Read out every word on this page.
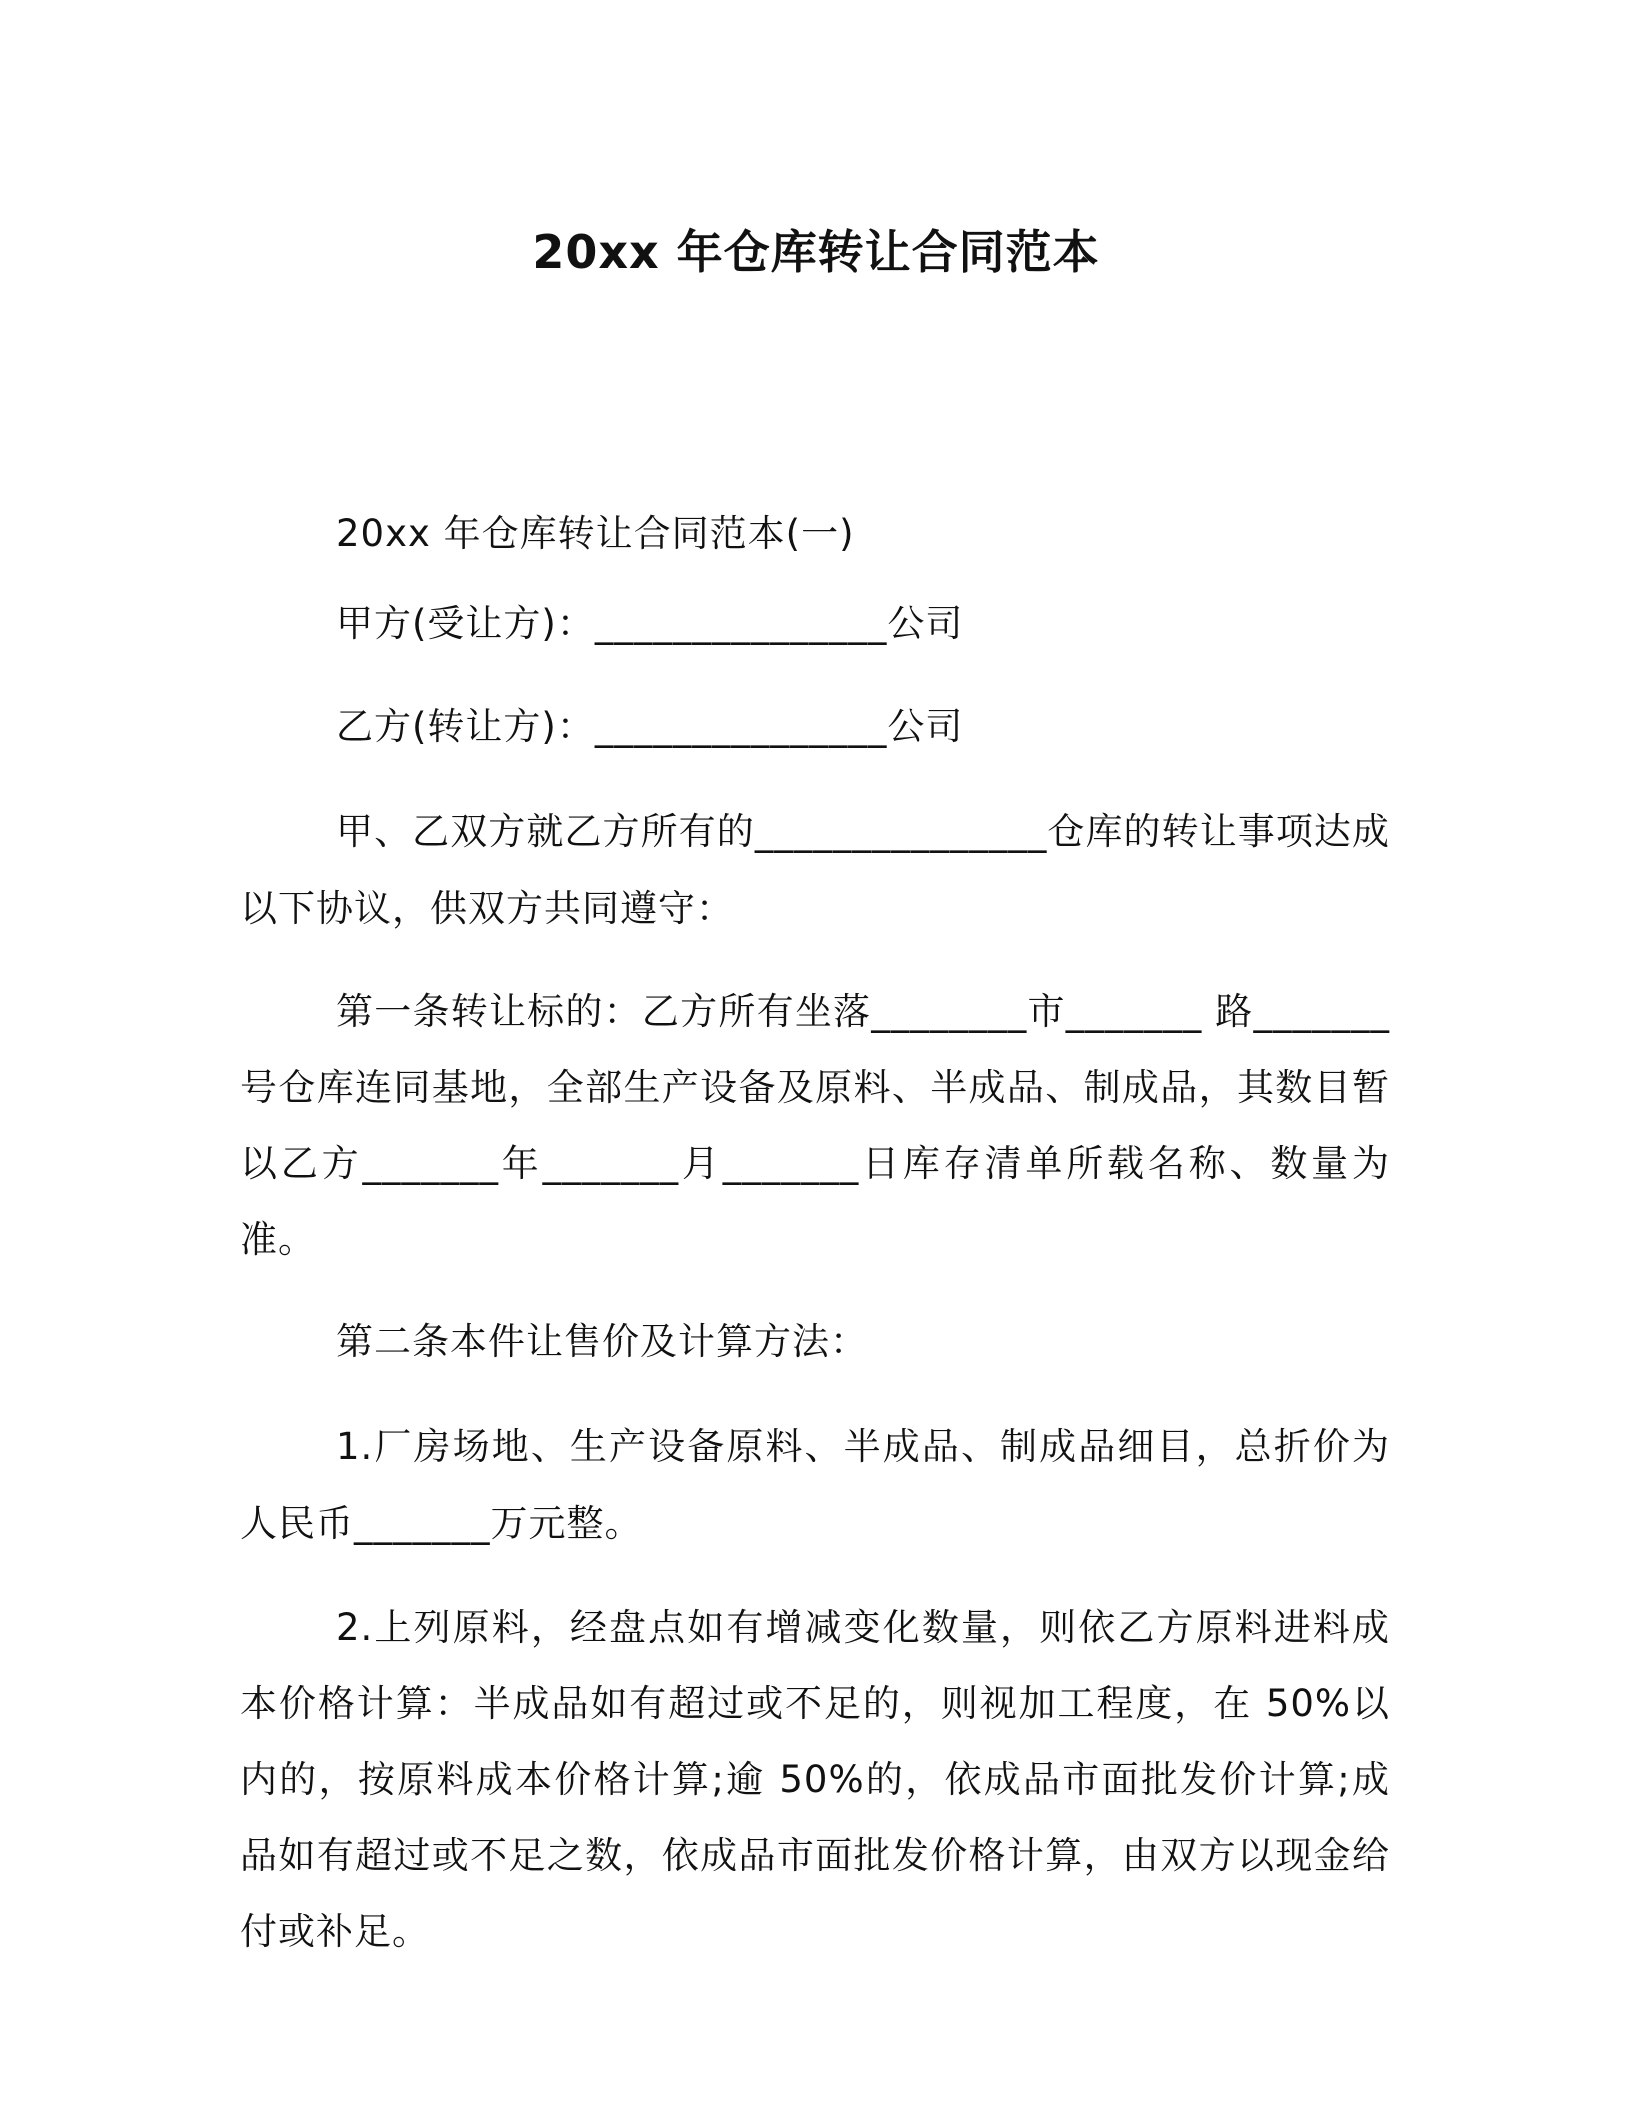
20xx 年仓库转让合同范本

20xx 年仓库转让合同范本(一)

甲方(受让方)：_______________公司

乙方(转让方)：_______________公司

甲、乙双方就乙方所有的_______________仓库的转让事项达成以下协议，供双方共同遵守：

第一条转让标的：乙方所有坐落________市_______ 路_______号仓库连同基地，全部生产设备及原料、半成品、制成品，其数目暂以乙方_______年_______月_______日库存清单所载名称、数量为准。

第二条本件让售价及计算方法：

1.厂房场地、生产设备原料、半成品、制成品细目，总折价为人民币_______万元整。

2.上列原料，经盘点如有增减变化数量，则依乙方原料进料成本价格计算：半成品如有超过或不足的，则视加工程度，在 50%以内的，按原料成本价格计算;逾 50%的，依成品市面批发价计算;成品如有超过或不足之数，依成品市面批发价格计算，由双方以现金给付或补足。
